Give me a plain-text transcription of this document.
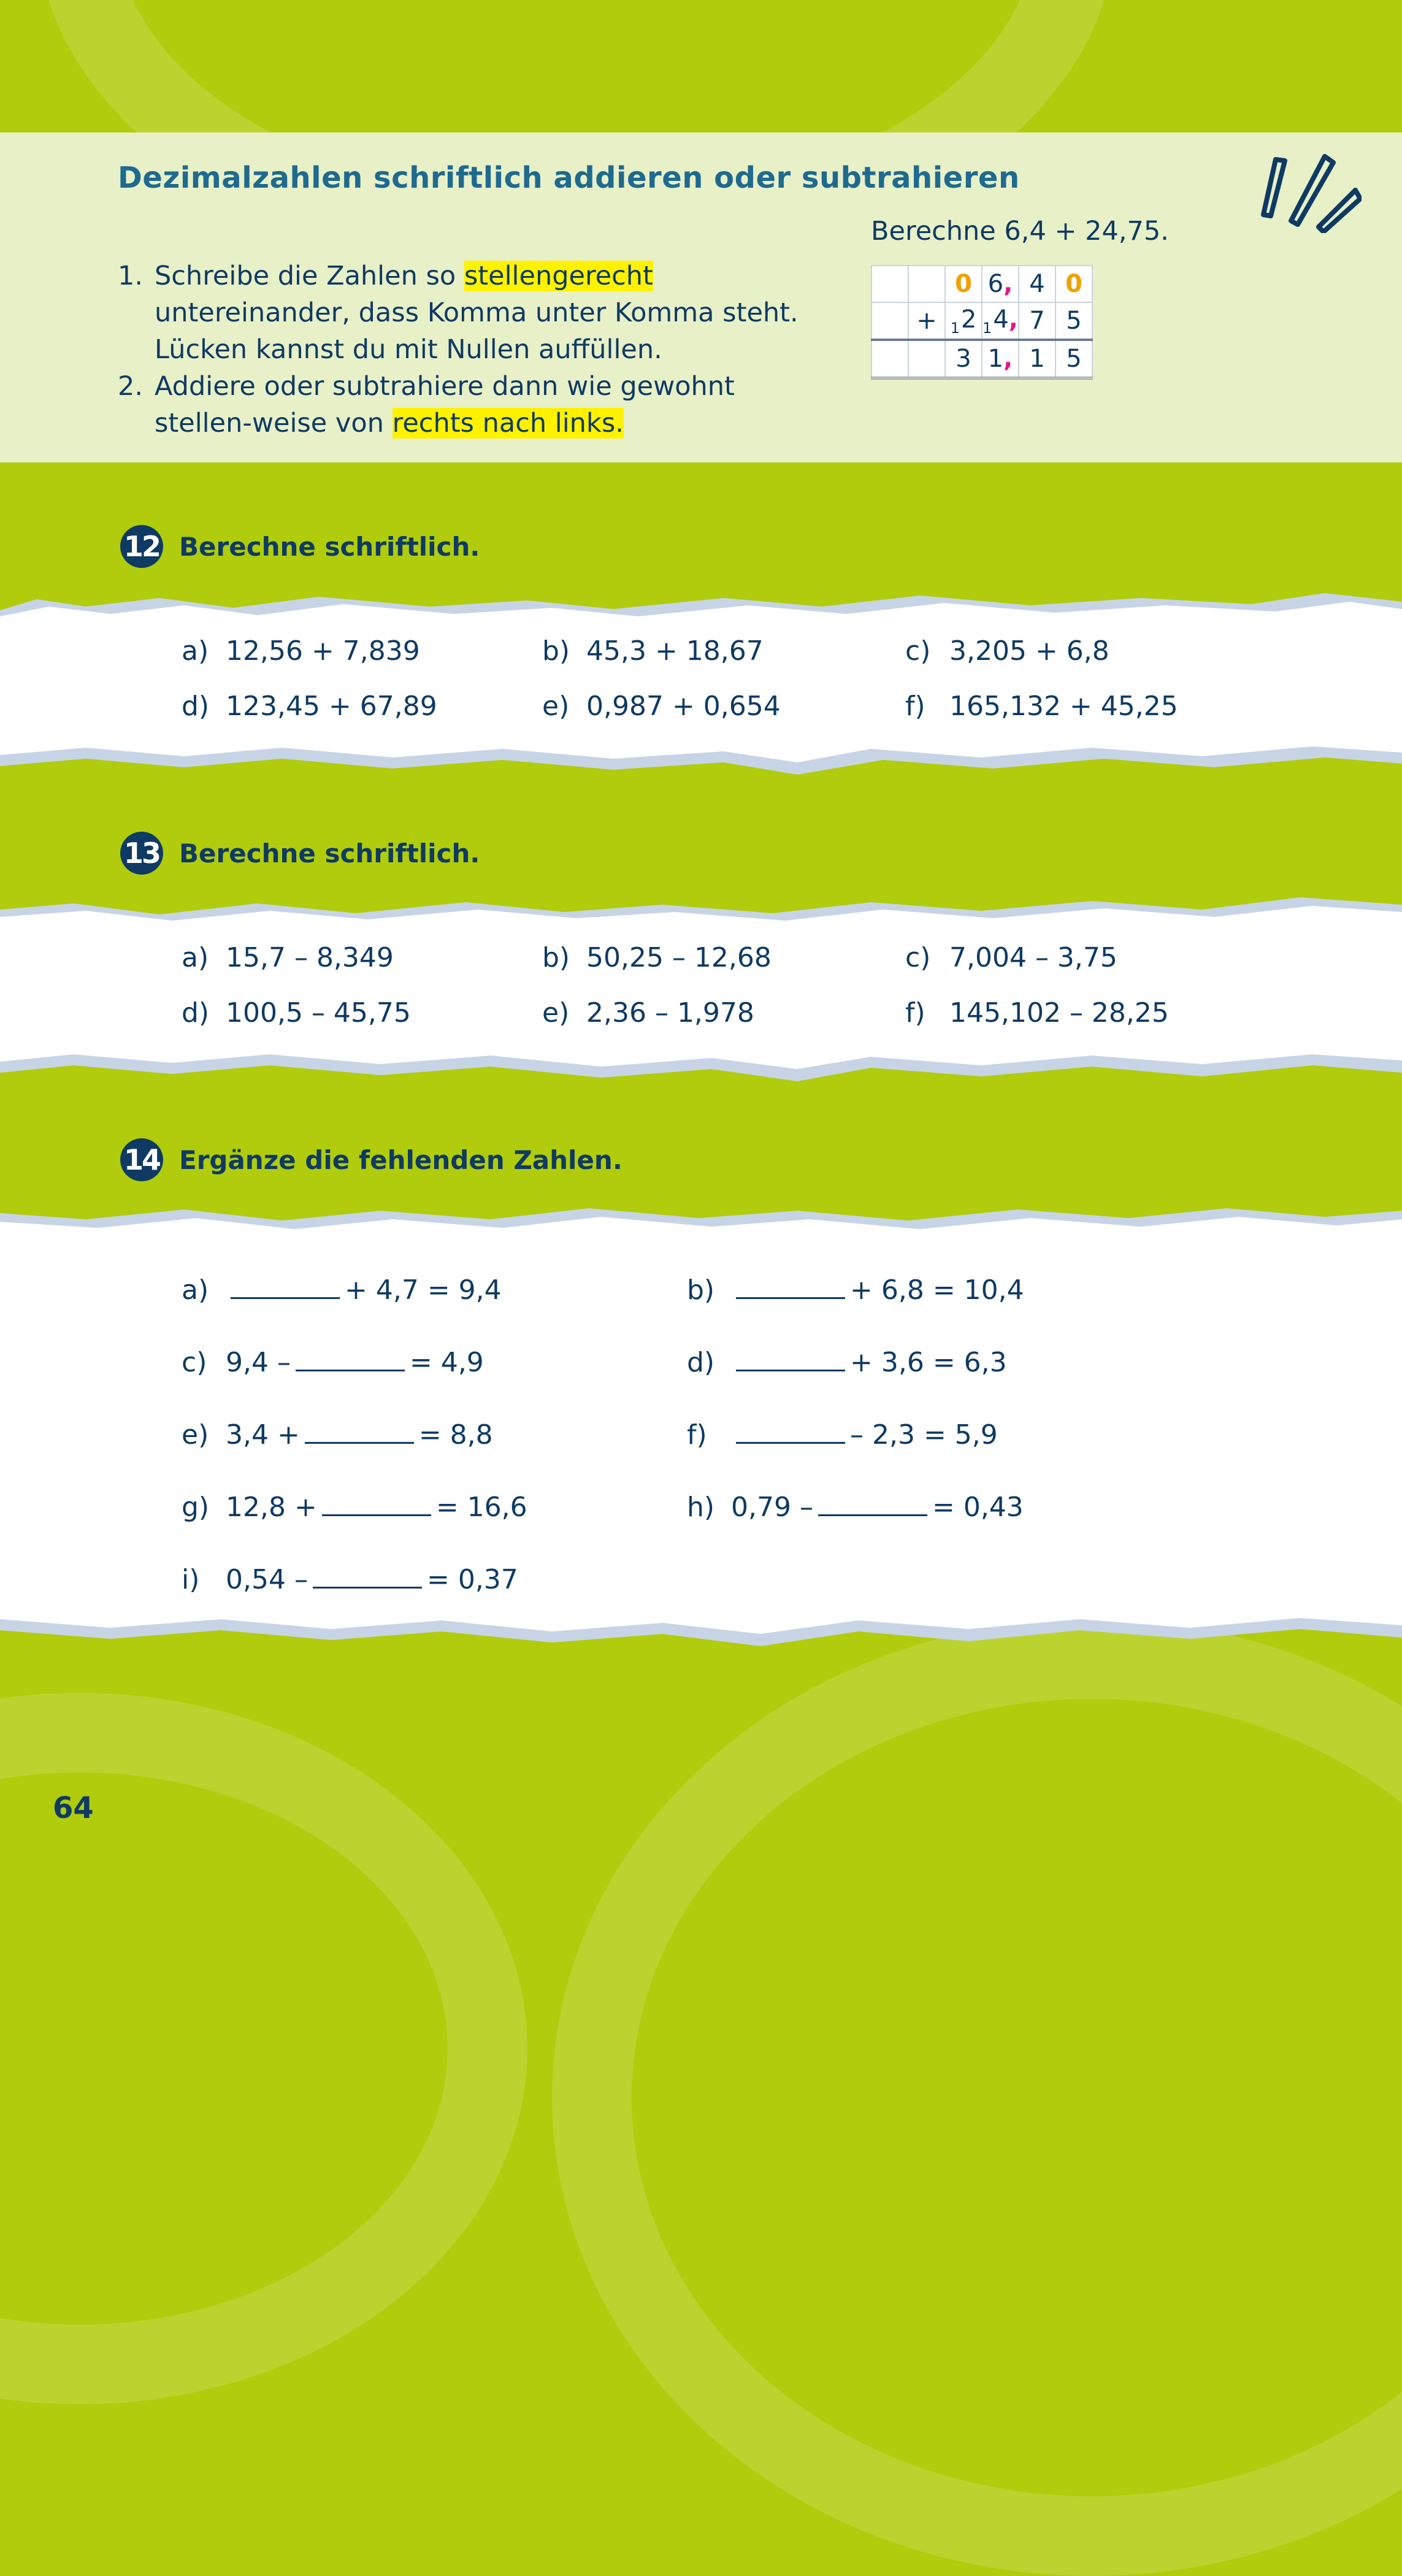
Dezimalzahlen schriftlich addieren oder subtrahieren
1. Schreibe die Zahlen so stellengerecht untereinander, dass Komma unter Komma steht. Lücken kannst du mit Nullen auffüllen.
2. Addiere oder subtrahiere dann wie gewohnt stellen-weise von rechts nach links.
Berechne 6,4 + 24,75.
		0	6,	4	0
	+	$_1$2	$_1$4,	7	5
		3	1,	1	5
12 Berechne schriftlich.
a) 12,56 + 7,839	b) 45,3 + 18,67	c) 3,205 + 6,8
d) 123,45 + 67,89	e) 0,987 + 0,654	f) 165,132 + 45,25
13 Berechne schriftlich.
a) 15,7 – 8,349	b) 50,25 – 12,68	c) 7,004 – 3,75
d) 100,5 – 45,75	e) 2,36 – 1,978	f) 145,102 – 28,25
14 Ergänze die fehlenden Zahlen.
a)	+ 4,7 = 9,4	b)	+ 6,8 = 10,4
c) 9,4 –	= 4,9	d)	+ 3,6 = 6,3
e) 3,4 +	= 8,8	f)	– 2,3 = 5,9
g) 12,8 +	= 16,6	h) 0,79 –	= 0,43
i) 0,54 –	= 0,37
64
